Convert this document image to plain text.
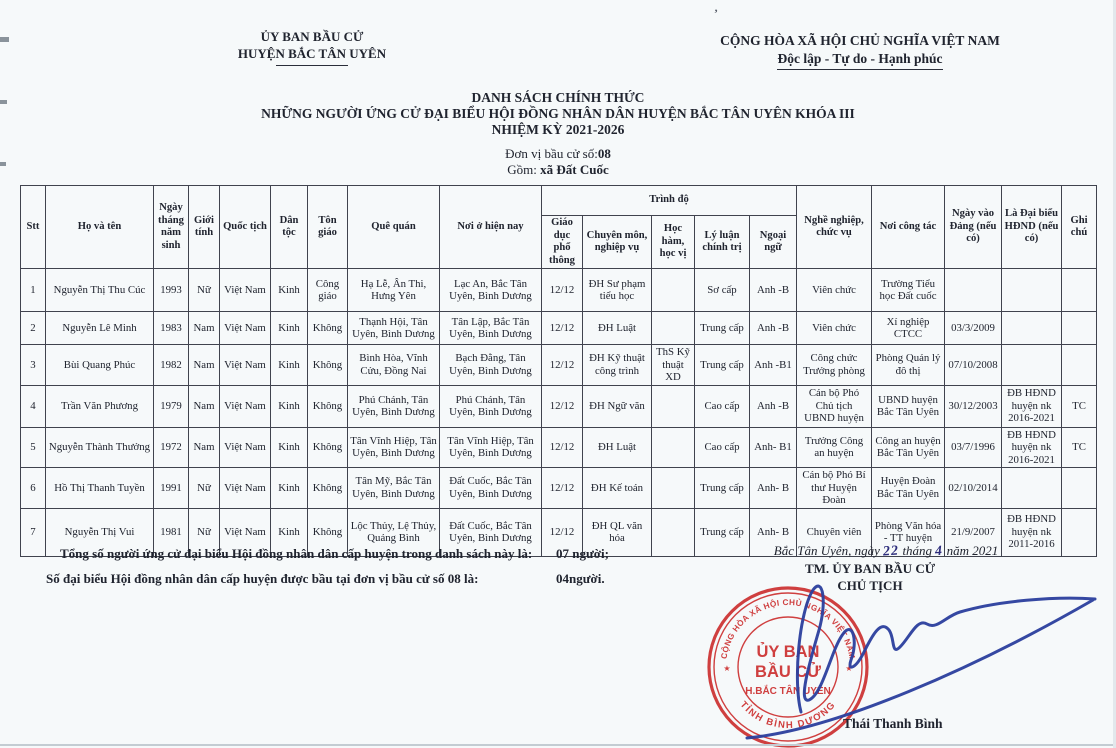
ỦY BAN BẦU CỬ
HUYỆN BẮC TÂN UYÊN
CỘNG HÒA XÃ HỘI CHỦ NGHĨA VIỆT NAM
Độc lập - Tự do - Hạnh phúc
’
DANH SÁCH CHÍNH THỨC
NHỮNG NGƯỜI ỨNG CỬ ĐẠI BIỂU HỘI ĐỒNG NHÂN DÂN HUYỆN BẮC TÂN UYÊN KHÓA III
NHIỆM KỲ 2021-2026
Đơn vị bầu cử số:08
Gồm: xã Đất Cuốc
Stt	Họ và tên	Ngày tháng năm sinh	Giới tính	Quốc tịch	Dân tộc	Tôn giáo	Quê quán	Nơi ở hiện nay	Trình độ					Nghề nghiệp, chức vụ	Nơi công tác	Ngày vào Đảng (nếu có)	Là Đại biểu HĐND (nếu có)	Ghi chú
									Giáo dục phổ thông	Chuyên môn, nghiệp vụ	Học hàm, học vị	Lý luận chính trị	Ngoại ngữ					
1	Nguyễn Thị Thu Cúc	1993	Nữ	Việt Nam	Kinh	Công giáo	Hạ Lễ, Ân Thi, Hưng Yên	Lạc An, Bắc Tân Uyên, Bình Dương	12/12	ĐH Sư phạm tiểu học		Sơ cấp	Anh -B	Viên chức	Trường Tiểu học Đất cuốc			
2	Nguyễn Lê Minh	1983	Nam	Việt Nam	Kinh	Không	Thạnh Hội, Tân Uyên, Bình Dương	Tân Lập, Bắc Tân Uyên, Bình Dương	12/12	ĐH Luật		Trung cấp	Anh -B	Viên chức	Xí nghiệp CTCC	03/3/2009		
3	Bùi Quang Phúc	1982	Nam	Việt Nam	Kinh	Không	Bình Hòa, Vĩnh Cửu, Đồng Nai	Bạch Đằng, Tân Uyên, Bình Dương	12/12	ĐH Kỹ thuật công trình	ThS Kỹ thuật XD	Trung cấp	Anh -B1	Công chức Trưởng phòng	Phòng Quản lý đô thị	07/10/2008		
4	Trần Văn Phương	1979	Nam	Việt Nam	Kinh	Không	Phú Chánh, Tân Uyên, Bình Dương	Phú Chánh, Tân Uyên, Bình Dương	12/12	ĐH Ngữ văn		Cao cấp	Anh -B	Cán bộ Phó Chủ tịch UBND huyện	UBND huyện Bắc Tân Uyên	30/12/2003	ĐB HĐND huyện nk 2016-2021	TC
5	Nguyễn Thành Thưởng	1972	Nam	Việt Nam	Kinh	Không	Tân Vĩnh Hiệp, Tân Uyên, Bình Dương	Tân Vĩnh Hiệp, Tân Uyên, Bình Dương	12/12	ĐH Luật		Cao cấp	Anh- B1	Trưởng Công an huyện	Công an huyện Bắc Tân Uyên	03/7/1996	ĐB HĐND huyện nk 2016-2021	TC
6	Hồ Thị Thanh Tuyền	1991	Nữ	Việt Nam	Kinh	Không	Tân Mỹ, Bắc Tân Uyên, Bình Dương	Đất Cuốc, Bắc Tân Uyên, Bình Dương	12/12	ĐH Kế toán		Trung cấp	Anh- B	Cán bộ Phó Bí thư Huyện Đoàn	Huyện Đoàn Bắc Tân Uyên	02/10/2014		
7	Nguyễn Thị Vui	1981	Nữ	Việt Nam	Kinh	Không	Lộc Thủy, Lệ Thủy, Quảng Bình	Đất Cuốc, Bắc Tân Uyên, Bình Dương	12/12	ĐH QL văn hóa		Trung cấp	Anh- B	Chuyên viên	Phòng Văn hóa - TT huyện	21/9/2007	ĐB HĐND huyện nk 2011-2016	
Tổng số người ứng cử đại biểu Hội đồng nhân dân cấp huyện trong danh sách này là: 07 người;
Số đại biểu Hội đồng nhân dân cấp huyện được bầu tại đơn vị bầu cử số 08 là:	04người.
Bắc Tân Uyên, ngày 22 tháng 4 năm 2021
TM. ỦY BAN BẦU CỬ
CHỦ TỊCH
CỘNG HÒA XÃ HỘI CHỦ NGHĨA VIỆT NAM
TỈNH BÌNH DƯƠNG
★	★
ỦY BAN
BẦU CỬ
H.BẮC TÂN UYÊN
Thái Thanh Bình
